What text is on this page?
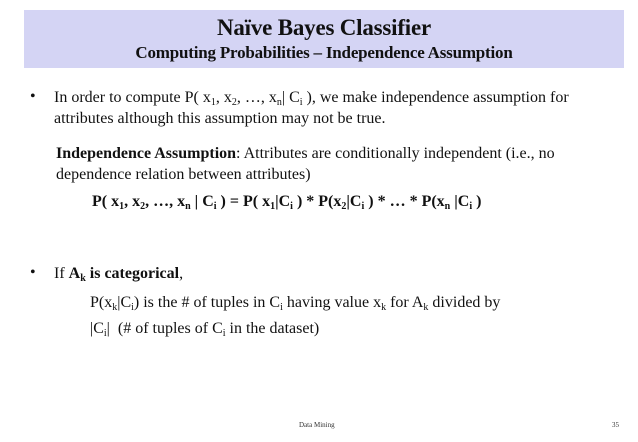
Naïve Bayes Classifier
Computing Probabilities – Independence Assumption
• In order to compute P( $x_1$, $x_2$, …, $x_n|$ $C_i$ ), we make independence assumption for
attributes although this assumption may not be true.
Independence Assumption: Attributes are conditionally independent (i.e., no
dependence relation between attributes)
P( $x_1$, $x_2$, …, $x_n$ | $C_i$ ) = P( $x_1|C_i$ ) * $P(x_2|C_i$ ) * … * $P(x_n$ $|C_i$ )
• If $A_k$ is categorical,
$P(x_k|C_i)$ is the # of tuples in $C_i$ having value $x_k$ for $A_k$ divided by
$|C_i|$  (# of tuples of $C_i$ in the dataset)
Data Mining	35
